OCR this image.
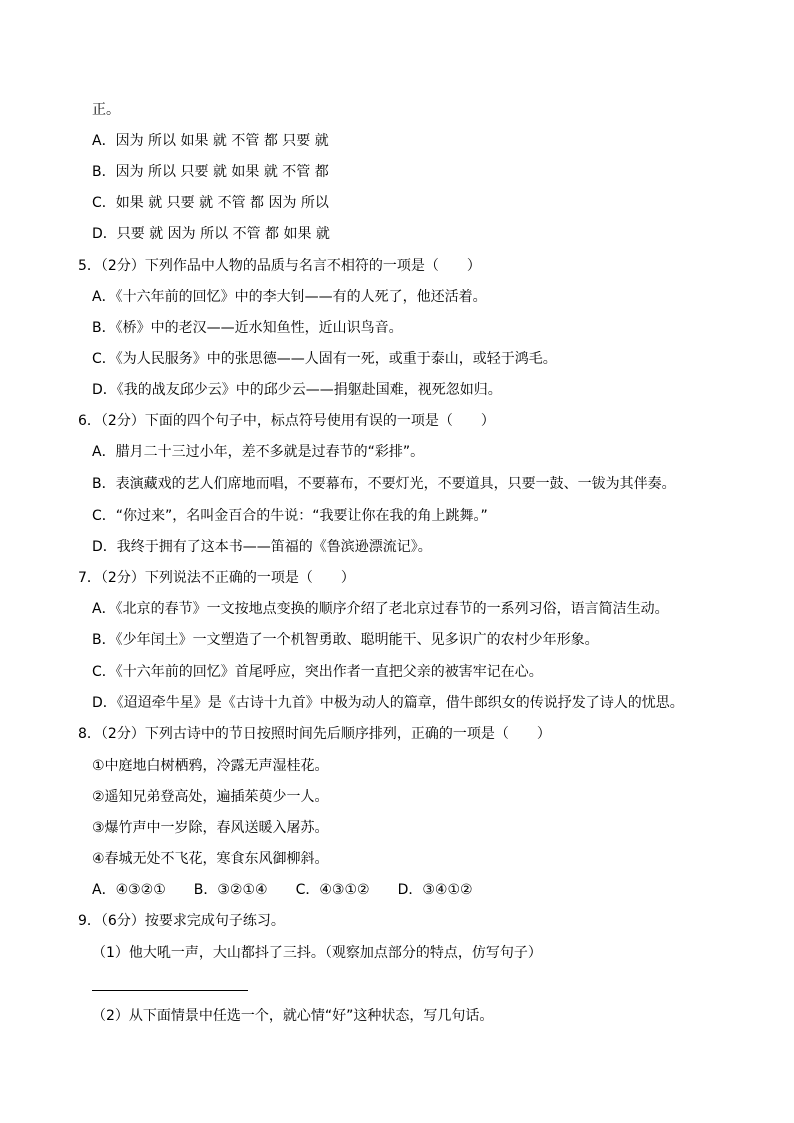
正。
A．因为 所以 如果 就 不管 都 只要 就
B．因为 所以 只要 就 如果 就 不管 都
C．如果 就 只要 就 不管 都 因为 所以
D．只要 就 因为 所以 不管 都 如果 就
5．（2分）下列作品中人物的品质与名言不相符的一项是（　　）
A．《十六年前的回忆》中的李大钊——有的人死了，他还活着。
B．《桥》中的老汉——近水知鱼性，近山识鸟音。
C．《为人民服务》中的张思德——人固有一死，或重于泰山，或轻于鸿毛。
D．《我的战友邱少云》中的邱少云——捐躯赴国难，视死忽如归。
6．（2分）下面的四个句子中，标点符号使用有误的一项是（　　）
A．腊月二十三过小年，差不多就是过春节的“彩排”。
B．表演藏戏的艺人们席地而唱，不要幕布，不要灯光，不要道具，只要一鼓、一钹为其伴奏。
C．“你过来”，名叫金百合的牛说：“我要让你在我的角上跳舞。”
D．我终于拥有了这本书——笛福的《鲁滨逊漂流记》。
7．（2分）下列说法不正确的一项是（　　）
A．《北京的春节》一文按地点变换的顺序介绍了老北京过春节的一系列习俗，语言简洁生动。
B．《少年闰土》一文塑造了一个机智勇敢、聪明能干、见多识广的农村少年形象。
C．《十六年前的回忆》首尾呼应，突出作者一直把父亲的被害牢记在心。
D．《迢迢牵牛星》是《古诗十九首》中极为动人的篇章，借牛郎织女的传说抒发了诗人的忧思。
8．（2分）下列古诗中的节日按照时间先后顺序排列，正确的一项是（　　）
①中庭地白树栖鸦，冷露无声湿桂花。
②遥知兄弟登高处，遍插茱萸少一人。
③爆竹声中一岁除，春风送暖入屠苏。
④春城无处不飞花，寒食东风御柳斜。
A．④③②① B．③②①④ C．④③①② D．③④①②
9．（6分）按要求完成句子练习。
（1）他大吼一声，大山都抖了三抖。（观察加点部分的特点，仿写句子）
（2）从下面情景中任选一个，就心情“好”这种状态，写几句话。
